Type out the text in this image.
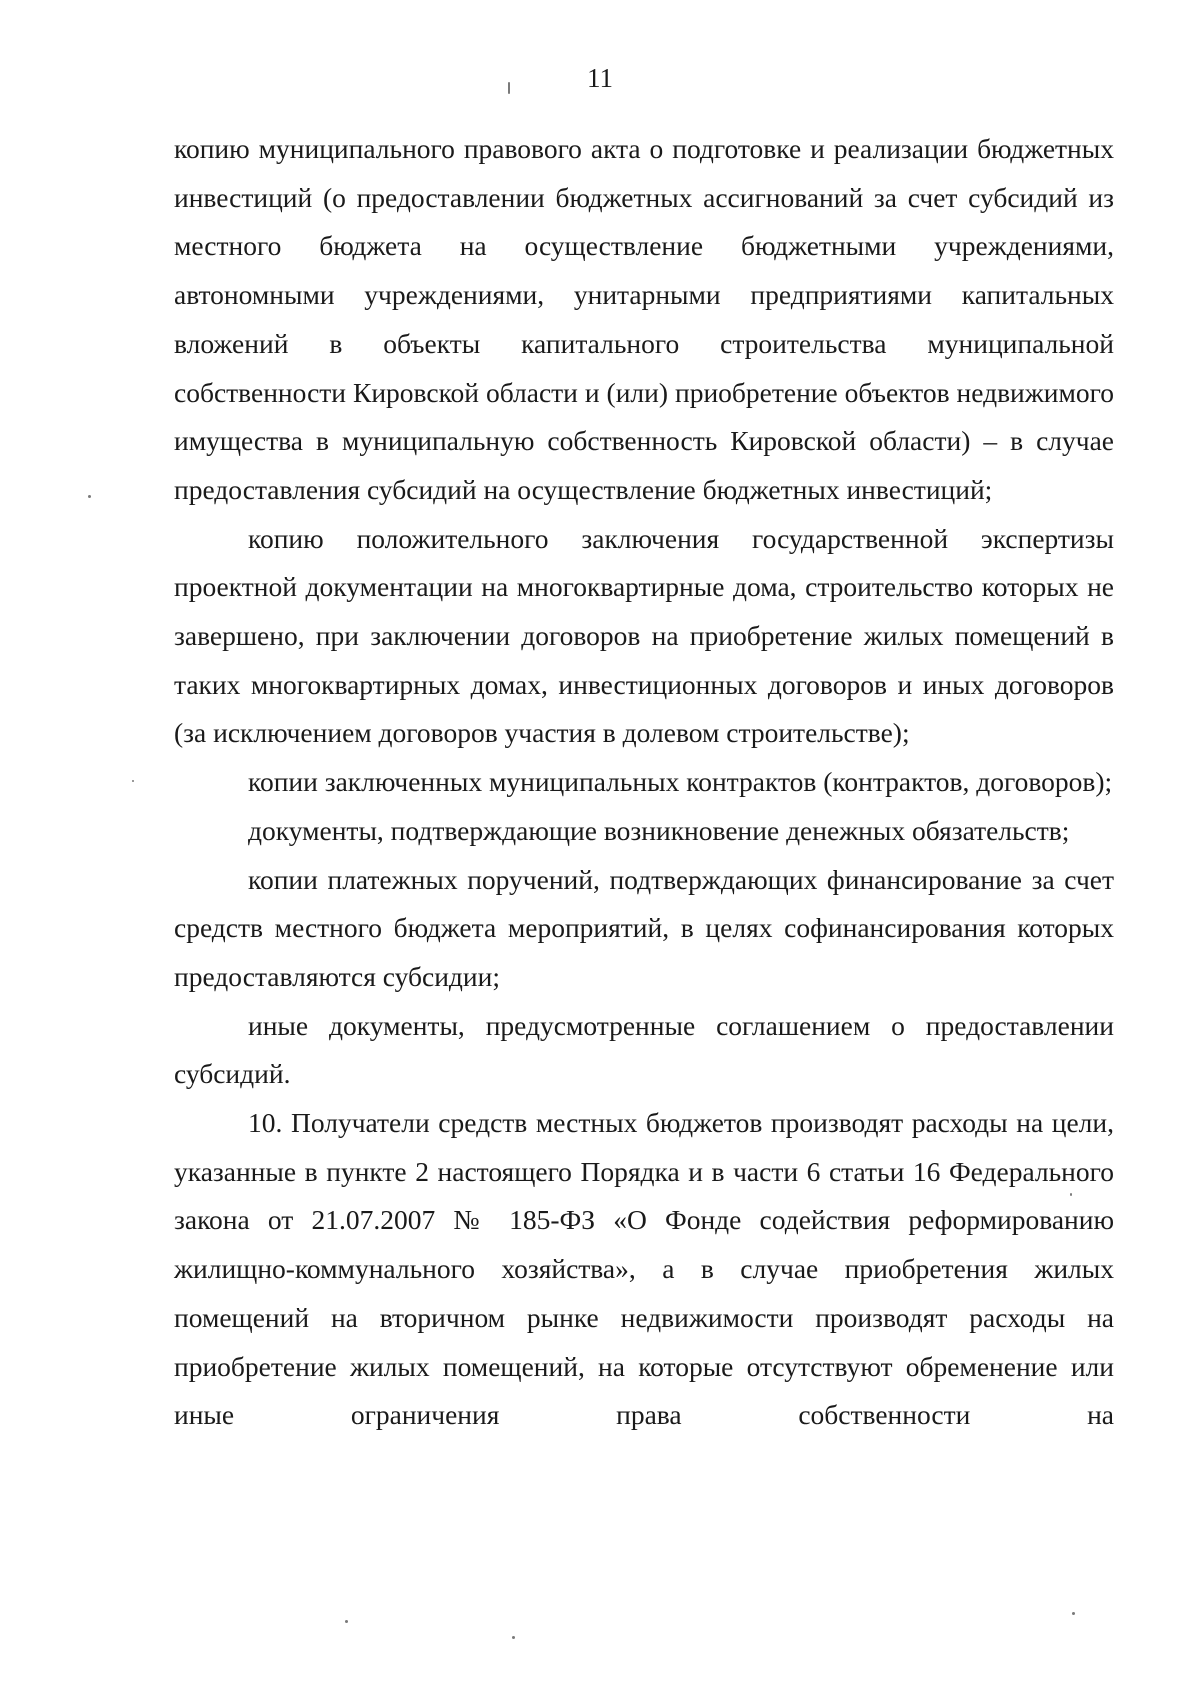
11

копию муниципального правового акта о подготовке и реализации бюджетных инвестиций (о предоставлении бюджетных ассигнований за счет субсидий из местного бюджета на осуществление бюджетными учреждениями, автономными учреждениями, унитарными предприятиями капитальных вложений в объекты капитального строительства муниципальной собственности Кировской области и (или) приобретение объектов недвижимого имущества в муниципальную собственность Кировской области) – в случае предоставления субсидий на осуществление бюджетных инвестиций;

копию положительного заключения государственной экспертизы проектной документации на многоквартирные дома, строительство которых не завершено, при заключении договоров на приобретение жилых помещений в таких многоквартирных домах, инвестиционных договоров и иных договоров (за исключением договоров участия в долевом строительстве);

копии заключенных муниципальных контрактов (контрактов, договоров);

документы, подтверждающие возникновение денежных обязательств;

копии платежных поручений, подтверждающих финансирование за счет средств местного бюджета мероприятий, в целях софинансирования которых предоставляются субсидии;

иные документы, предусмотренные соглашением о предоставлении субсидий.

10. Получатели средств местных бюджетов производят расходы на цели, указанные в пункте 2 настоящего Порядка и в части 6 статьи 16 Федерального закона от 21.07.2007 № 185-ФЗ «О Фонде содействия реформированию жилищно-коммунального хозяйства», а в случае приобретения жилых помещений на вторичном рынке недвижимости производят расходы на приобретение жилых помещений, на которые отсутствуют обременение или иные ограничения права собственности на
